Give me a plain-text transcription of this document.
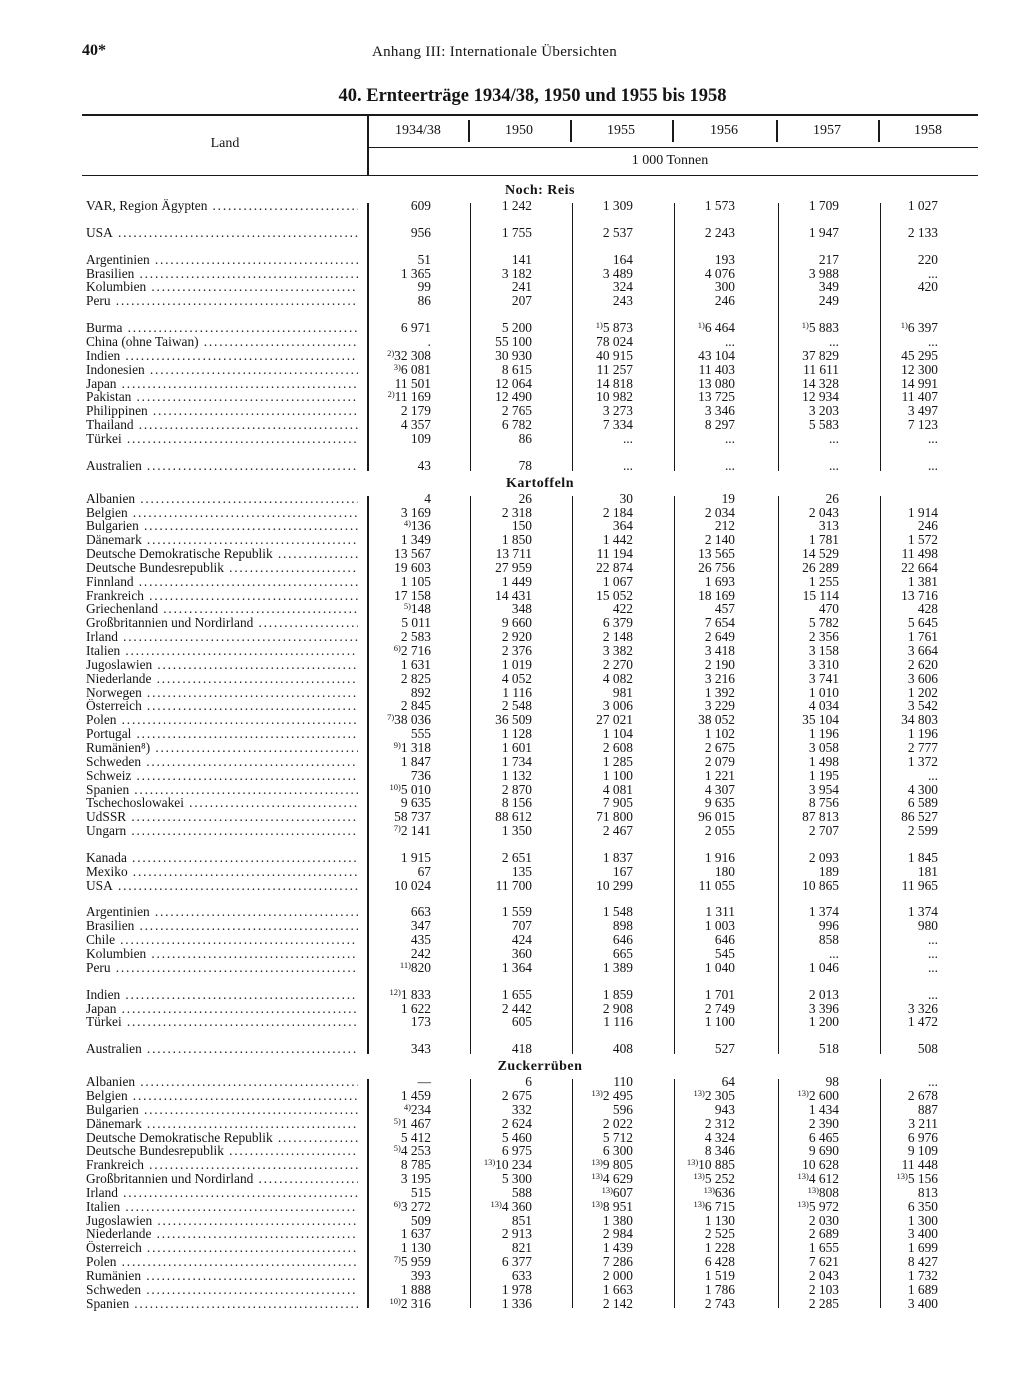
40*	Anhang III: Internationale Übersichten
40. Ernteerträge 1934/38, 1950 und 1955 bis 1958
Land
1934/38	1950	1955	1956	1957	1958
1 000 Tonnen
Noch: Reis
VAR, Region Ägypten .....	609	1 242	1 309	1 573	1 709	1 027
USA .....	956	1 755	2 537	2 243	1 947	2 133
Argentinien .....	51	141	164	193	217	220
Brasilien .....	1 365	3 182	3 489	4 076	3 988	...
Kolumbien .....	99	241	324	300	349	420
Peru .....	86	207	243	246	249
Burma .....	6 971	5 200	$^{1)}$5 873	$^{1)}$6 464	$^{1)}$5 883	$^{1)}$6 397
China (ohne Taiwan) .....	.	55 100	78 024	...	...	...
Indien .....	$^{2)}$32 308	30 930	40 915	43 104	37 829	45 295
Indonesien .....	$^{3)}$6 081	8 615	11 257	11 403	11 611	12 300
Japan .....	11 501	12 064	14 818	13 080	14 328	14 991
Pakistan .....	$^{2)}$11 169	12 490	10 982	13 725	12 934	11 407
Philippinen .....	2 179	2 765	3 273	3 346	3 203	3 497
Thailand .....	4 357	6 782	7 334	8 297	5 583	7 123
Türkei .....	109	86	...	...	...	...
Australien .....	43	78	...	...	...	...
Kartoffeln
Albanien .....	4	26	30	19	26
Belgien .....	3 169	2 318	2 184	2 034	2 043	1 914
Bulgarien .....	$^{4)}$136	150	364	212	313	246
Dänemark .....	1 349	1 850	1 442	2 140	1 781	1 572
Deutsche Demokratische Republik .....	13 567	13 711	11 194	13 565	14 529	11 498
Deutsche Bundesrepublik .....	19 603	27 959	22 874	26 756	26 289	22 664
Finnland .....	1 105	1 449	1 067	1 693	1 255	1 381
Frankreich .....	17 158	14 431	15 052	18 169	15 114	13 716
Griechenland .....	$^{5)}$148	348	422	457	470	428
Großbritannien und Nordirland .....	5 011	9 660	6 379	7 654	5 782	5 645
Irland .....	2 583	2 920	2 148	2 649	2 356	1 761
Italien .....	$^{6)}$2 716	2 376	3 382	3 418	3 158	3 664
Jugoslawien .....	1 631	1 019	2 270	2 190	3 310	2 620
Niederlande .....	2 825	4 052	4 082	3 216	3 741	3 606
Norwegen .....	892	1 116	981	1 392	1 010	1 202
Österreich .....	2 845	2 548	3 006	3 229	4 034	3 542
Polen .....	$^{7)}$38 036	36 509	27 021	38 052	35 104	34 803
Portugal .....	555	1 128	1 104	1 102	1 196	1 196
Rumänien⁸) .....	$^{9)}$1 318	1 601	2 608	2 675	3 058	2 777
Schweden .....	1 847	1 734	1 285	2 079	1 498	1 372
Schweiz .....	736	1 132	1 100	1 221	1 195	...
Spanien .....	$^{10)}$5 010	2 870	4 081	4 307	3 954	4 300
Tschechoslowakei .....	9 635	8 156	7 905	9 635	8 756	6 589
UdSSR .....	58 737	88 612	71 800	96 015	87 813	86 527
Ungarn .....	$^{7)}$2 141	1 350	2 467	2 055	2 707	2 599
Kanada .....	1 915	2 651	1 837	1 916	2 093	1 845
Mexiko .....	67	135	167	180	189	181
USA .....	10 024	11 700	10 299	11 055	10 865	11 965
Argentinien .....	663	1 559	1 548	1 311	1 374	1 374
Brasilien .....	347	707	898	1 003	996	980
Chile .....	435	424	646	646	858	...
Kolumbien .....	242	360	665	545	...	...
Peru .....	$^{11)}$820	1 364	1 389	1 040	1 046	...
Indien .....	$^{12)}$1 833	1 655	1 859	1 701	2 013	...
Japan .....	1 622	2 442	2 908	2 749	3 396	3 326
Türkei .....	173	605	1 116	1 100	1 200	1 472
Australien .....	343	418	408	527	518	508
Zuckerrüben
Albanien .....	—	6	110	64	98	...
Belgien .....	1 459	2 675	$^{13)}$2 495	$^{13)}$2 305	$^{13)}$2 600	2 678
Bulgarien .....	$^{4)}$234	332	596	943	1 434	887
Dänemark .....	$^{5)}$1 467	2 624	2 022	2 312	2 390	3 211
Deutsche Demokratische Republik .....	5 412	5 460	5 712	4 324	6 465	6 976
Deutsche Bundesrepublik .....	$^{5)}$4 253	6 975	6 300	8 346	9 690	9 109
Frankreich .....	8 785	$^{13)}$10 234	$^{13)}$9 805	$^{13)}$10 885	10 628	11 448
Großbritannien und Nordirland .....	3 195	5 300	$^{13)}$4 629	$^{13)}$5 252	$^{13)}$4 612	$^{13)}$5 156
Irland .....	515	588	$^{13)}$607	$^{13)}$636	$^{13)}$808	813
Italien .....	$^{6)}$3 272	$^{13)}$4 360	$^{13)}$8 951	$^{13)}$6 715	$^{13)}$5 972	6 350
Jugoslawien .....	509	851	1 380	1 130	2 030	1 300
Niederlande .....	1 637	2 913	2 984	2 525	2 689	3 400
Österreich .....	1 130	821	1 439	1 228	1 655	1 699
Polen .....	$^{7)}$5 959	6 377	7 286	6 428	7 621	8 427
Rumänien .....	393	633	2 000	1 519	2 043	1 732
Schweden .....	1 888	1 978	1 663	1 786	2 103	1 689
Spanien .....	$^{10)}$2 316	1 336	2 142	2 743	2 285	3 400
